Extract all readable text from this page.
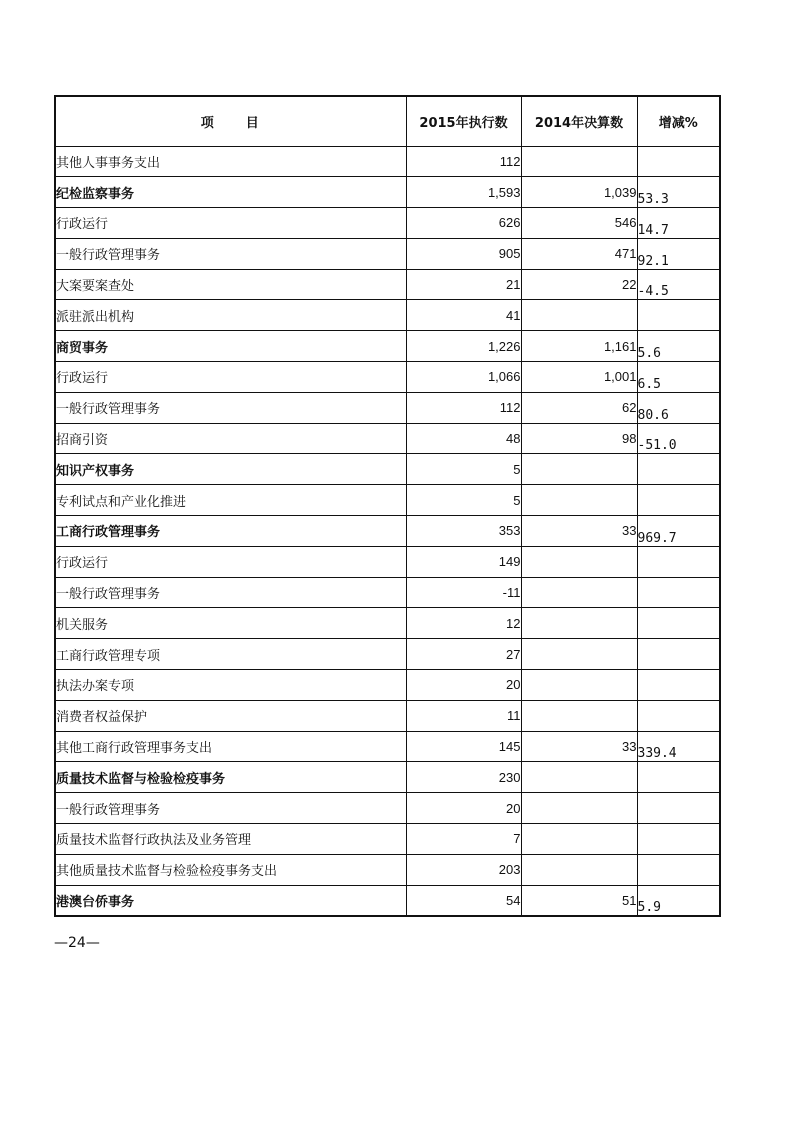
项　　目	2015年执行数	2014年决算数	增减%
其他人事事务支出	112		
纪检监察事务	1,593	1,039	53.3
行政运行	626	546	14.7
一般行政管理事务	905	471	92.1
大案要案查处	21	22	-4.5
派驻派出机构	41		
商贸事务	1,226	1,161	5.6
行政运行	1,066	1,001	6.5
一般行政管理事务	112	62	80.6
招商引资	48	98	-51.0
知识产权事务	5		
专利试点和产业化推进	5		
工商行政管理事务	353	33	969.7
行政运行	149		
一般行政管理事务	-11		
机关服务	12		
工商行政管理专项	27		
执法办案专项	20		
消费者权益保护	11		
其他工商行政管理事务支出	145	33	339.4
质量技术监督与检验检疫事务	230		
一般行政管理事务	20		
质量技术监督行政执法及业务管理	7		
其他质量技术监督与检验检疫事务支出	203		
港澳台侨事务	54	51	5.9
—24—
